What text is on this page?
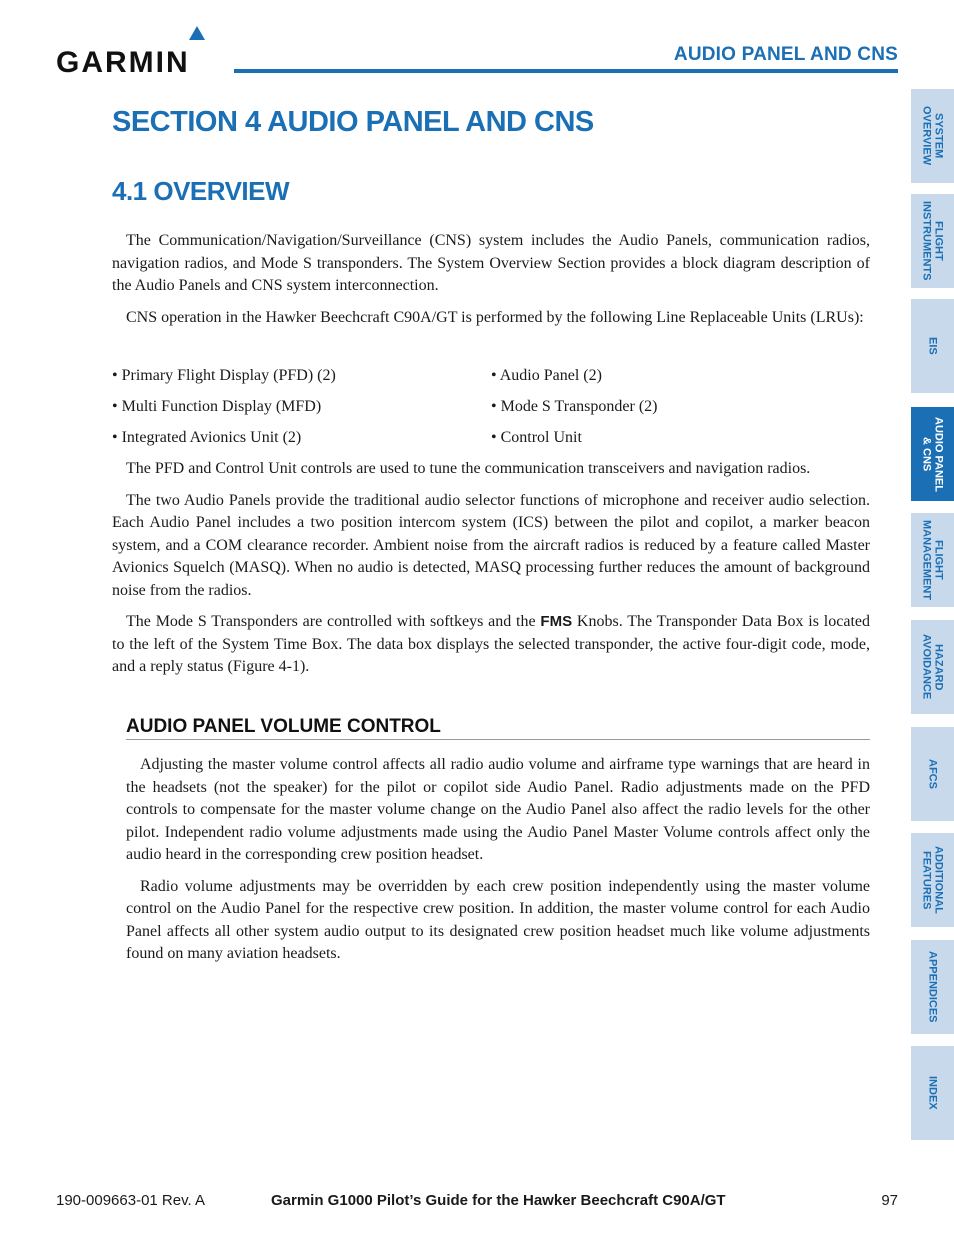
GARMIN	AUDIO PANEL AND CNS
SECTION 4 AUDIO PANEL AND CNS
4.1 OVERVIEW

The Communication/Navigation/Surveillance (CNS) system includes the Audio Panels, communication radios, navigation radios, and Mode S transponders. The System Overview Section provides a block diagram description of the Audio Panels and CNS system interconnection.

CNS operation in the Hawker Beechcraft C90A/GT is performed by the following Line Replaceable Units (LRUs):

• Primary Flight Display (PFD) (2)
• Multi Function Display (MFD)
• Integrated Avionics Unit (2)
• Audio Panel (2)
• Mode S Transponder (2)
• Control Unit

The PFD and Control Unit controls are used to tune the communication transceivers and navigation radios.

The two Audio Panels provide the traditional audio selector functions of microphone and receiver audio selection. Each Audio Panel includes a two position intercom system (ICS) between the pilot and copilot, a marker beacon system, and a COM clearance recorder. Ambient noise from the aircraft radios is reduced by a feature called Master Avionics Squelch (MASQ). When no audio is detected, MASQ processing further reduces the amount of background noise from the radios.

The Mode S Transponders are controlled with softkeys and the FMS Knobs. The Transponder Data Box is located to the left of the System Time Box. The data box displays the selected transponder, the active four-digit code, mode, and a reply status (Figure 4-1).

AUDIO PANEL VOLUME CONTROL

Adjusting the master volume control affects all radio audio volume and airframe type warnings that are heard in the headsets (not the speaker) for the pilot or copilot side Audio Panel. Radio adjustments made on the PFD controls to compensate for the master volume change on the Audio Panel also affect the radio levels for the other pilot. Independent radio volume adjustments made using the Audio Panel Master Volume controls affect only the audio heard in the corresponding crew position headset.

Radio volume adjustments may be overridden by each crew position independently using the master volume control on the Audio Panel for the respective crew position. In addition, the master volume control for each Audio Panel affects all other system audio output to its designated crew position headset much like volume adjustments found on many aviation headsets.

SYSTEM
OVERVIEW
FLIGHT
INSTRUMENTS
EIS
AUDIO PANEL
& CNS
FLIGHT
MANAGEMENT
HAZARD
AVOIDANCE
AFCS
ADDITIONAL
FEATURES
APPENDICES
INDEX
190-009663-01 Rev. A	Garmin G1000 Pilot’s Guide for the Hawker Beechcraft C90A/GT	97
